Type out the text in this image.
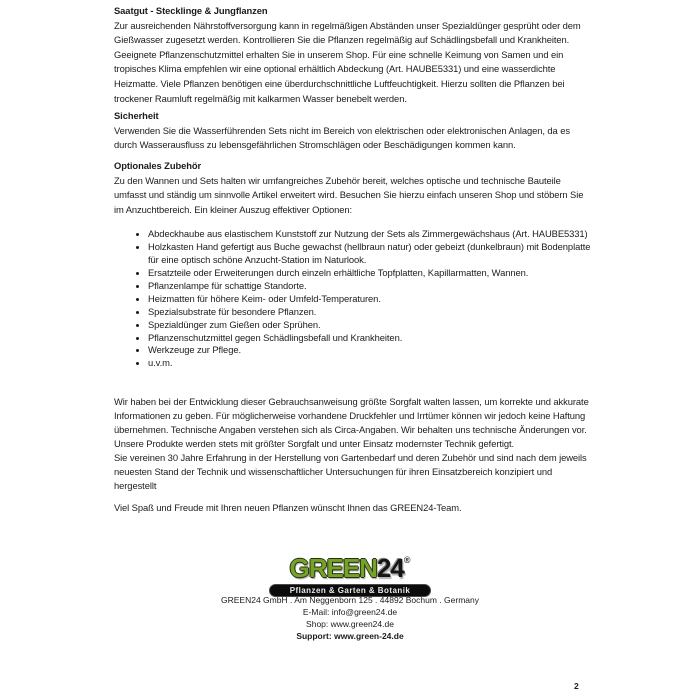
Saatgut - Stecklinge & Jungflanzen

Zur ausreichenden Nährstoffversorgung kann in regelmäßigen Abständen unser Spezialdünger gesprüht oder dem Gießwasser zugesetzt werden. Kontrollieren Sie die Pflanzen regelmäßig auf Schädlingsbefall und Krankheiten. Geeignete Pflanzenschutzmittel erhalten Sie in unserem Shop. Für eine schnelle Keimung von Samen und ein tropisches Klima empfehlen wir eine optional erhältlich Abdeckung (Art. HAUBE5331) und eine wasserdichte Heizmatte. Viele Pflanzen benötigen eine überdurchschnittliche Luftfeuchtigkeit. Hierzu sollten die Pflanzen bei trockener Raumluft regelmäßig mit kalkarmen Wasser benebelt werden.

Sicherheit

Verwenden Sie die Wasserführenden Sets nicht im Bereich von elektrischen oder elektronischen Anlagen, da es durch Wasserausfluss zu lebensgefährlichen Stromschlägen oder Beschädigungen kommen kann.

Optionales Zubehör

Zu den Wannen und Sets halten wir umfangreiches Zubehör bereit, welches optische und technische Bauteile umfasst und ständig um sinnvolle Artikel erweitert wird. Besuchen Sie hierzu einfach unseren Shop und stöbern Sie im Anzuchtbereich. Ein kleiner Auszug effektiver Optionen:

• Abdeckhaube aus elastischem Kunststoff zur Nutzung der Sets als Zimmergewächshaus (Art. HAUBE5331)
• Holzkasten Hand gefertigt aus Buche gewachst (hellbraun natur) oder gebeizt (dunkelbraun) mit Bodenplatte für eine optisch schöne Anzucht-Station im Naturlook.
• Ersatzteile oder Erweiterungen durch einzeln erhältliche Topfplatten, Kapillarmatten, Wannen.
• Pflanzenlampe für schattige Standorte.
• Heizmatten für höhere Keim- oder Umfeld-Temperaturen.
• Spezialsubstrate für besondere Pflanzen.
• Spezialdünger zum Gießen oder Sprühen.
• Pflanzenschutzmittel gegen Schädlingsbefall und Krankheiten.
• Werkzeuge zur Pflege.
• u.v.m.

Wir haben bei der Entwicklung dieser Gebrauchsanweisung größte Sorgfalt walten lassen, um korrekte und akkurate Informationen zu geben. Für möglicherweise vorhandene Druckfehler und Irrtümer können wir jedoch keine Haftung übernehmen. Technische Angaben verstehen sich als Circa-Angaben. Wir behalten uns technische Änderungen vor. Unsere Produkte werden stets mit größter Sorgfalt und unter Einsatz modernster Technik gefertigt.

Sie vereinen 30 Jahre Erfahrung in der Herstellung von Gartenbedarf und deren Zubehör und sind nach dem jeweils neuesten Stand der Technik und wissenschaftlicher Untersuchungen für ihren Einsatzbereich konzipiert und hergestellt

Viel Spaß und Freude mit Ihren neuen Pflanzen wünscht Ihnen das GREEN24-Team.
GREEN24®
Pflanzen & Garten & Botanik
GREEN24 GmbH . Am Neggenborn 125 . 44892 Bochum . Germany
E-Mail: info@green24.de
Shop: www.green24.de
Support: www.green-24.de
2
